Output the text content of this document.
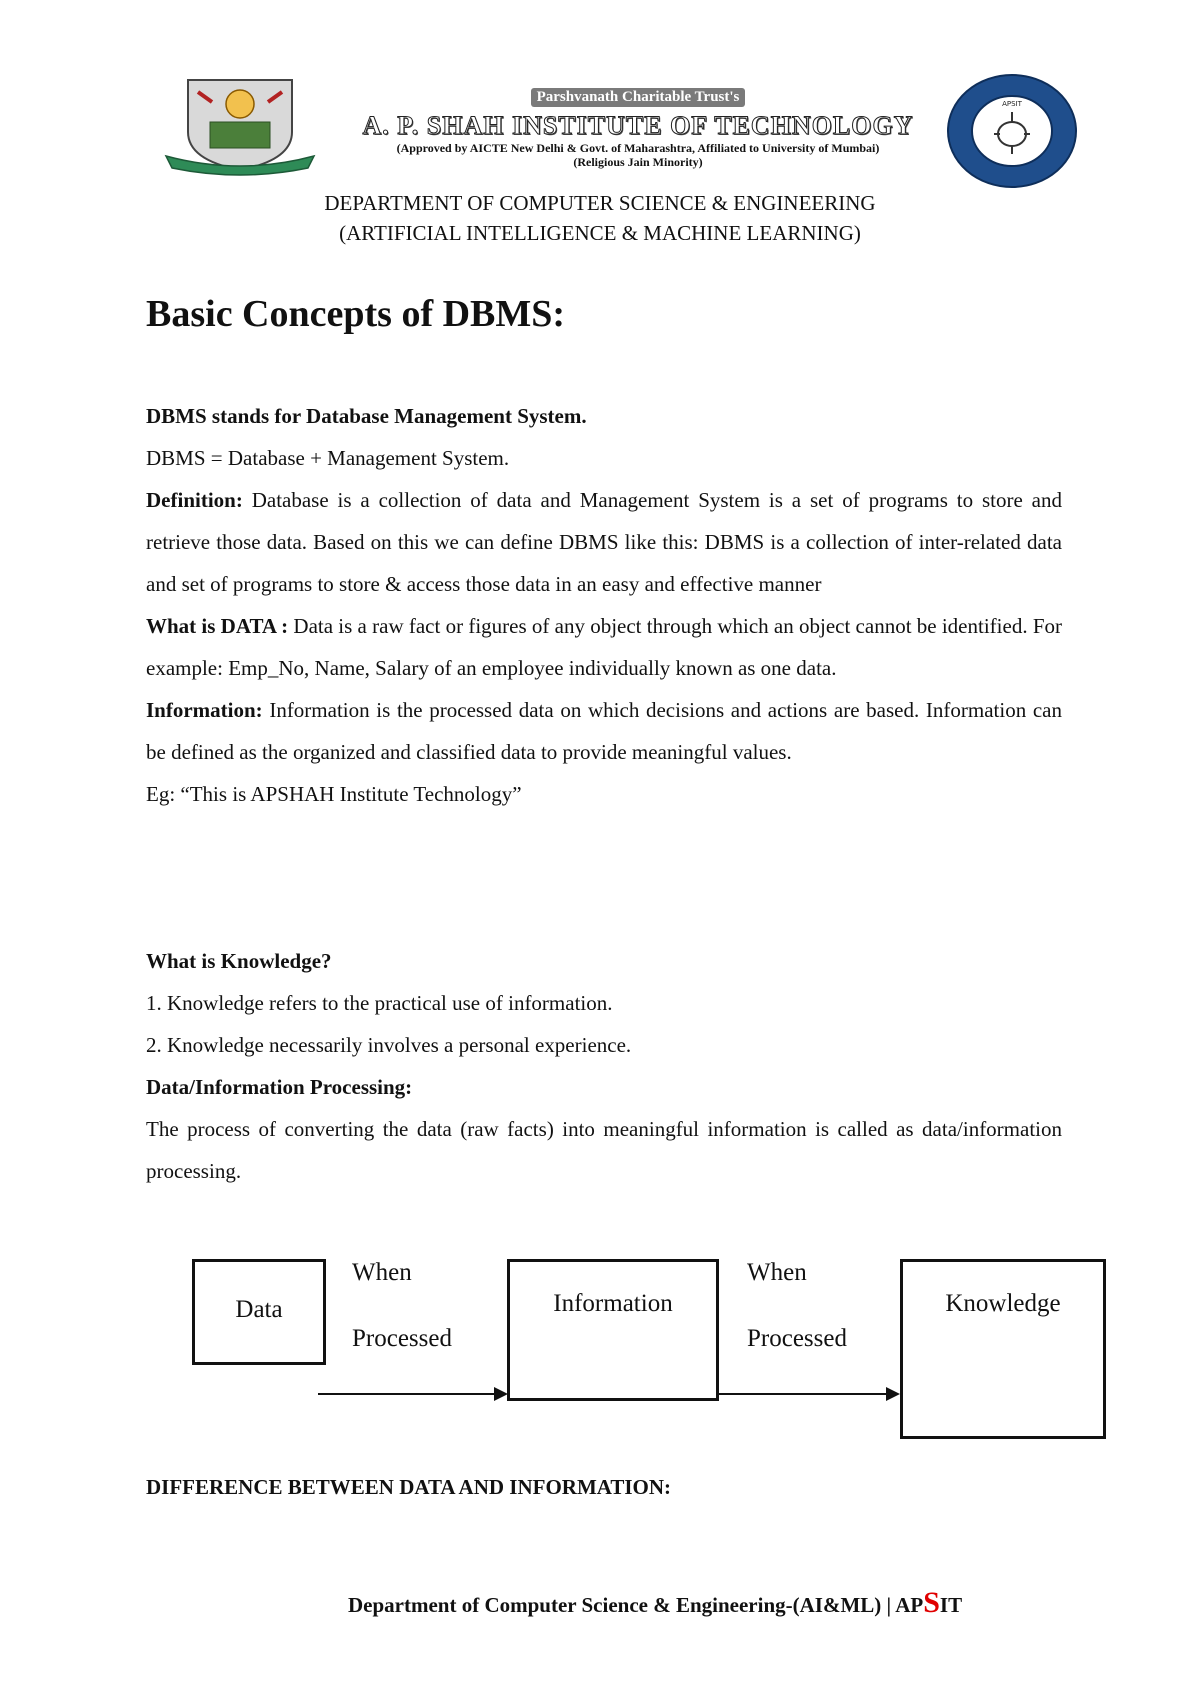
Parshvanath Charitable Trust's
A. P. SHAH INSTITUTE OF TECHNOLOGY
(Approved by AICTE New Delhi & Govt. of Maharashtra, Affiliated to University of Mumbai)
(Religious Jain Minority)
APSIT
DEPARTMENT OF COMPUTER SCIENCE & ENGINEERING
(ARTIFICIAL INTELLIGENCE & MACHINE LEARNING)
Basic Concepts of DBMS:

DBMS stands for Database Management System.

DBMS = Database + Management System.

Definition: Database is a collection of data and Management System is a set of programs to store and retrieve those data. Based on this we can define DBMS like this: DBMS is a collection of inter-related data and set of programs to store & access those data in an easy and effective manner

What is DATA : Data is a raw fact or figures of any object through which an object cannot be identified. For example: Emp_No, Name, Salary of an employee individually known as one data.

Information: Information is the processed data on which decisions and actions are based. Information can be defined as the organized and classified data to provide meaningful values.

Eg: “This is APSHAH Institute Technology”

What is Knowledge?

1. Knowledge refers to the practical use of information.

2. Knowledge necessarily involves a personal experience.

Data/Information Processing:

The process of converting the data (raw facts) into meaningful information is called as data/information processing.

Data
When
Processed
Information
When
Processed
Knowledge
DIFFERENCE BETWEEN DATA AND INFORMATION:
Department of Computer Science & Engineering-(AI&ML) | APSIT
